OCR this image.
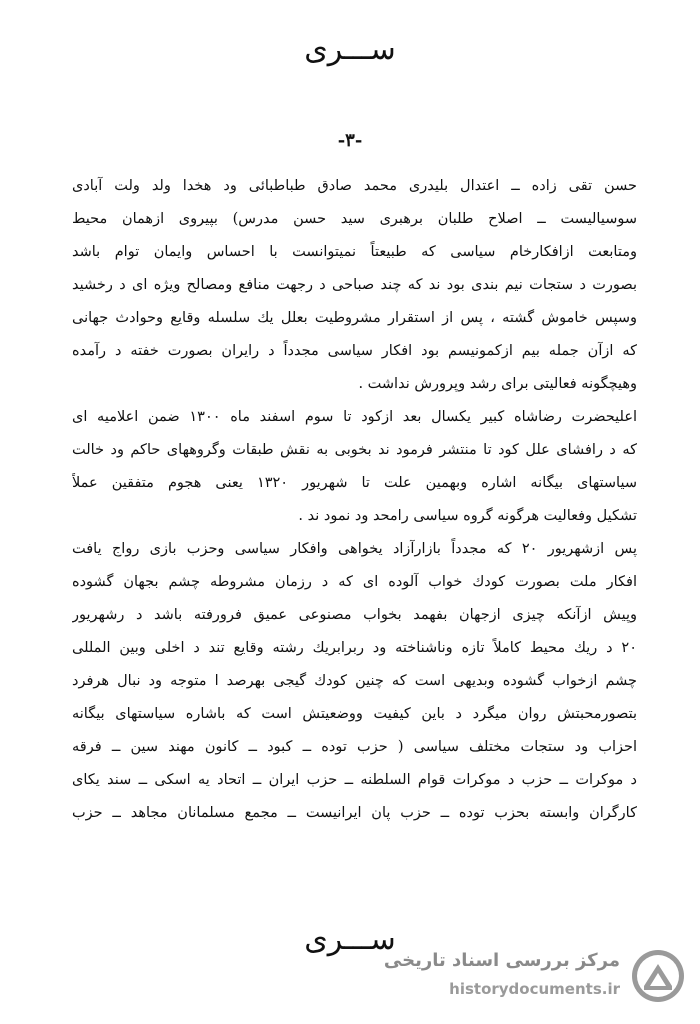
ســـرى
-۳-
حسن تقی زاده ــ اعتدال بلیدری محمد صادق طباطبائی ود هخدا ولد ولت آبادی
سوسیالیست ــ اصلاح طلبان برهبری سید حسن مدرس) بپیروی ازهمان محیط
ومتابعت ازافکارخام سیاسی که طبیعتاً نمیتوانست با احساس وایمان توام باشد
بصورت د ستجات نیم بندی بود ند که چند صباحی د رجهت منافع ومصالح ویژه ای د رخشید
وسپس خاموش گشته ، پس از استقرار مشروطیت بعلل یك سلسله وقایع وحوادث جهانی
که ازآن جمله بیم ازکمونیسم بود افکار سیاسی مجدداً د رایران بصورت خفته د رآمده
وهیچگونه فعالیتی برای رشد وپرورش نداشت .
اعلیحضرت رضاشاه کبیر یکسال بعد ازکود تا سوم اسفند ماه ۱۳۰۰ ضمن اعلامیه ای
که د رافشای علل کود تا منتشر فرمود ند بخوبی به نقش طبقات وگروههای حاکم ود خالت
سیاستهای بیگانه اشاره وبهمین علت تا شهریور ۱۳۲۰ یعنی هجوم متفقین عملاً
تشکیل وفعالیت هرگونه گروه سیاسی رامحد ود نمود ند .
پس ازشهریور ۲۰ که مجدداً بازارآزاد یخواهی وافکار سیاسی وحزب بازی رواج یافت
افکار ملت بصورت کودك خواب آلوده ای که د رزمان مشروطه چشم بجهان گشوده
وپیش ازآنکه چیزی ازجهان بفهمد بخواب مصنوعی عمیق فرورفته باشد د رشهریور
۲۰ د ریك محیط کاملاً تازه وناشناخته ود ربرابریك رشته وقایع تند د اخلی وبین المللی
چشم ازخواب گشوده وبدیهی است که چنین کودك گیجی بهرصد ا متوجه ود نبال هرفرد
بتصورمحبتش روان میگرد د باین کیفیت ووضعیتش است که باشاره سیاستهای بیگانه
احزاب ود ستجات مختلف سیاسی ( حزب توده ــ کبود ــ کانون مهند سین ــ فرقه
د موکرات ــ حزب د موکرات قوام السلطنه ــ حزب ایران ــ اتحاد یه اسکی ــ سند یکای
کارگران وابسته بحزب توده ــ حزب پان ایرانیست ــ مجمع مسلمانان مجاهد ــ حزب
ســـرى
مرکز بررسی اسناد تاریخی
historydocuments.ir
